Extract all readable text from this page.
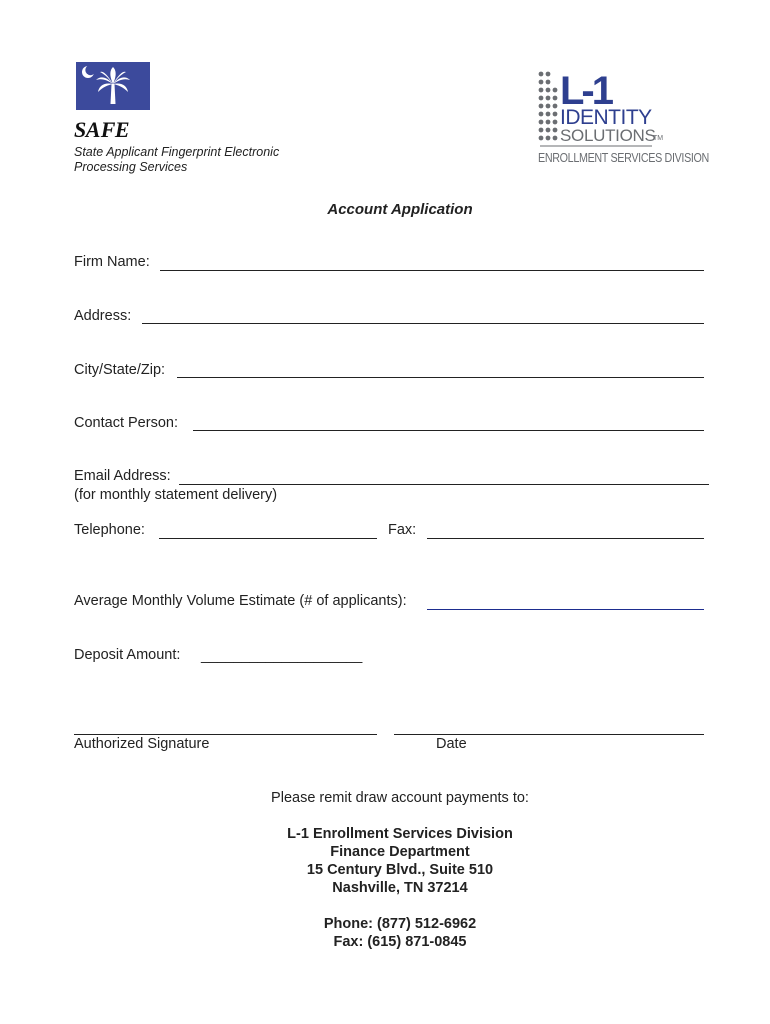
SA FE
State Applicant Fingerprint Electronic
Processing Services
L-1
IDENTITY
SOLUTIONS
TM
ENROLLMENT SERVICES DIVISION
Account Application
Firm Name:
Address:
City/State/Zip:
Contact Person:
Email Address:
(for monthly statement delivery)
Telephone:	Fax:
Average Monthly Volume Estimate (# of applicants):
Deposit Amount: ____________________
Authorized Signature	Date
Please remit draw account payments to:
L-1 Enrollment Services Division
Finance Department
15 Century Blvd., Suite 510
Nashville, TN 37214
Phone: (877) 512-6962
Fax: (615) 871-0845
